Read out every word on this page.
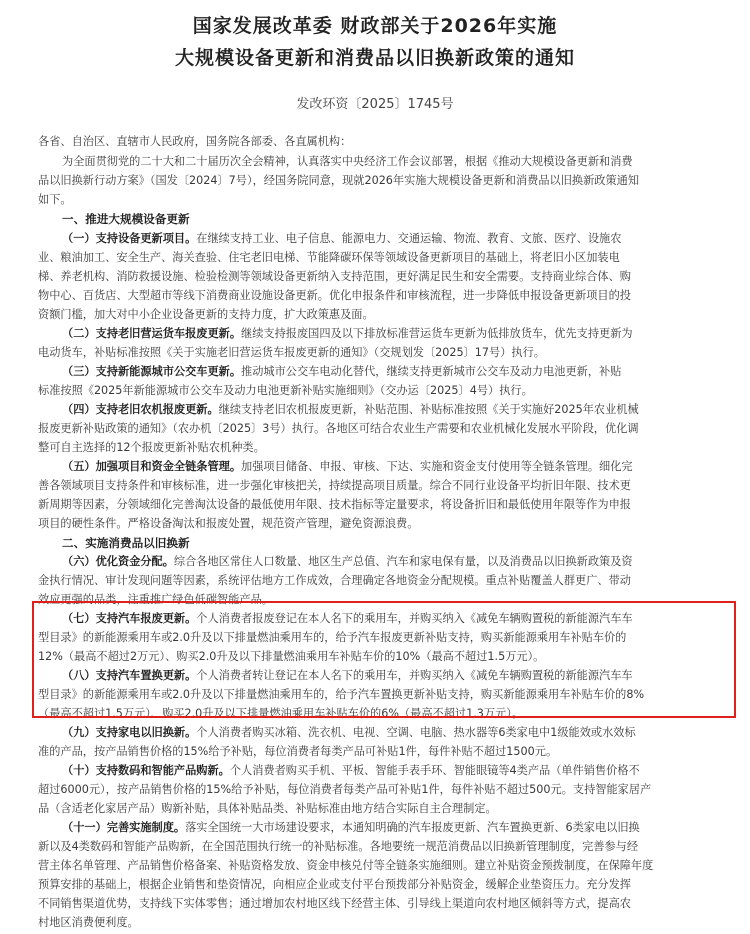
国家发展改革委 财政部关于2026年实施
大规模设备更新和消费品以旧换新政策的通知

发改环资〔2025〕1745号

各省、自治区、直辖市人民政府，国务院各部委、各直属机构：

为全面贯彻党的二十大和二十届历次全会精神，认真落实中央经济工作会议部署，根据《推动大规模设备更新和消费

品以旧换新行动方案》（国发〔2024〕7号），经国务院同意，现就2026年实施大规模设备更新和消费品以旧换新政策通知

如下。

一、推进大规模设备更新

（一）支持设备更新项目。在继续支持工业、电子信息、能源电力、交通运输、物流、教育、文旅、医疗、设施农

业、粮油加工、安全生产、海关查验、住宅老旧电梯、节能降碳环保等领域设备更新项目的基础上，将老旧小区加装电

梯、养老机构、消防救援设施、检验检测等领域设备更新纳入支持范围，更好满足民生和安全需要。支持商业综合体、购

物中心、百货店、大型超市等线下消费商业设施设备更新。优化申报条件和审核流程，进一步降低申报设备更新项目的投

资额门槛，加大对中小企业设备更新的支持力度，扩大政策惠及面。

（二）支持老旧营运货车报废更新。继续支持报废国四及以下排放标准营运货车更新为低排放货车，优先支持更新为

电动货车，补贴标准按照《关于实施老旧营运货车报废更新的通知》（交规划发〔2025〕17号）执行。

（三）支持新能源城市公交车更新。推动城市公交车电动化替代，继续支持更新城市公交车及动力电池更新，补贴

标准按照《2025年新能源城市公交车及动力电池更新补贴实施细则》（交办运〔2025〕4号）执行。

（四）支持老旧农机报废更新。继续支持老旧农机报废更新，补贴范围、补贴标准按照《关于实施好2025年农业机械

报废更新补贴政策的通知》（农办机〔2025〕3号）执行。各地区可结合农业生产需要和农业机械化发展水平阶段，优化调

整可自主选择的12个报废更新补贴农机种类。

（五）加强项目和资金全链条管理。加强项目储备、申报、审核、下达、实施和资金支付使用等全链条管理。细化完

善各领域项目支持条件和审核标准，进一步强化审核把关，持续提高项目质量。综合不同行业设备平均折旧年限、技术更

新周期等因素，分领域细化完善淘汰设备的最低使用年限、技术指标等定量要求，将设备折旧和最低使用年限等作为申报

项目的硬性条件。严格设备淘汰和报废处置，规范资产管理，避免资源浪费。

二、实施消费品以旧换新

（六）优化资金分配。综合各地区常住人口数量、地区生产总值、汽车和家电保有量，以及消费品以旧换新政策及资

金执行情况、审计发现问题等因素，系统评估地方工作成效，合理确定各地资金分配规模。重点补贴覆盖人群更广、带动

效应更强的品类，注重推广绿色低碳智能产品。

（七）支持汽车报废更新。个人消费者报废登记在本人名下的乘用车，并购买纳入《减免车辆购置税的新能源汽车车

型目录》的新能源乘用车或2.0升及以下排量燃油乘用车的，给予汽车报废更新补贴支持，购买新能源乘用车补贴车价的

12%（最高不超过2万元）、购买2.0升及以下排量燃油乘用车补贴车价的10%（最高不超过1.5万元）。

（八）支持汽车置换更新。个人消费者转让登记在本人名下的乘用车，并购买纳入《减免车辆购置税的新能源汽车车

型目录》的新能源乘用车或2.0升及以下排量燃油乘用车的，给予汽车置换更新补贴支持，购买新能源乘用车补贴车价的8%

（最高不超过1.5万元）、购买2.0升及以下排量燃油乘用车补贴车价的6%（最高不超过1.3万元）。

（九）支持家电以旧换新。个人消费者购买冰箱、洗衣机、电视、空调、电脑、热水器等6类家电中1级能效或水效标

准的产品，按产品销售价格的15%给予补贴，每位消费者每类产品可补贴1件，每件补贴不超过1500元。

（十）支持数码和智能产品购新。个人消费者购买手机、平板、智能手表手环、智能眼镜等4类产品（单件销售价格不

超过6000元），按产品销售价格的15%给予补贴，每位消费者每类产品可补贴1件，每件补贴不超过500元。支持智能家居产

品（含适老化家居产品）购新补贴，具体补贴品类、补贴标准由地方结合实际自主合理制定。

（十一）完善实施制度。落实全国统一大市场建设要求，本通知明确的汽车报废更新、汽车置换更新、6类家电以旧换

新以及4类数码和智能产品购新，在全国范围执行统一的补贴标准。各地要统一规范消费品以旧换新管理制度，完善参与经

营主体名单管理、产品销售价格备案、补贴资格发放、资金申核兑付等全链条实施细则。建立补贴资金预拨制度，在保障年度

预算安排的基础上，根据企业销售和垫资情况，向相应企业或支付平台预拨部分补贴资金，缓解企业垫资压力。充分发挥

不同销售渠道优势，支持线下实体零售；通过增加农村地区线下经营主体、引导线上渠道向农村地区倾斜等方式，提高农

村地区消费便利度。
